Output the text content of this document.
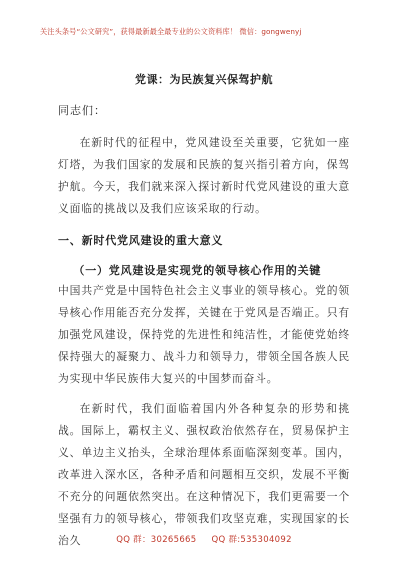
关注头条号“公文研究”，获得最新最全最专业的公文资料库！ 微信：gongwenyj
党课：为民族复兴保驾护航
同志们：

在新时代的征程中，党风建设至关重要，它犹如一座灯塔，为我们国家的发展和民族的复兴指引着方向，保驾护航。今天，我们就来深入探讨新时代党风建设的重大意义面临的挑战以及我们应该采取的行动。

一、新时代党风建设的重大意义
（一）党风建设是实现党的领导核心作用的关键

中国共产党是中国特色社会主义事业的领导核心。党的领导核心作用能否充分发挥，关键在于党风是否端正。只有加强党风建设，保持党的先进性和纯洁性，才能使党始终保持强大的凝聚力、战斗力和领导力，带领全国各族人民为实现中华民族伟大复兴的中国梦而奋斗。

在新时代，我们面临着国内外各种复杂的形势和挑战。国际上，霸权主义、强权政治依然存在，贸易保护主义、单边主义抬头，全球治理体系面临深刻变革。国内，改革进入深水区，各种矛盾和问题相互交织，发展不平衡不充分的问题依然突出。在这种情况下，我们更需要一个坚强有力的领导核心，带领我们攻坚克难，实现国家的长治久	QQ 群：30265665 QQ 群:535304092
